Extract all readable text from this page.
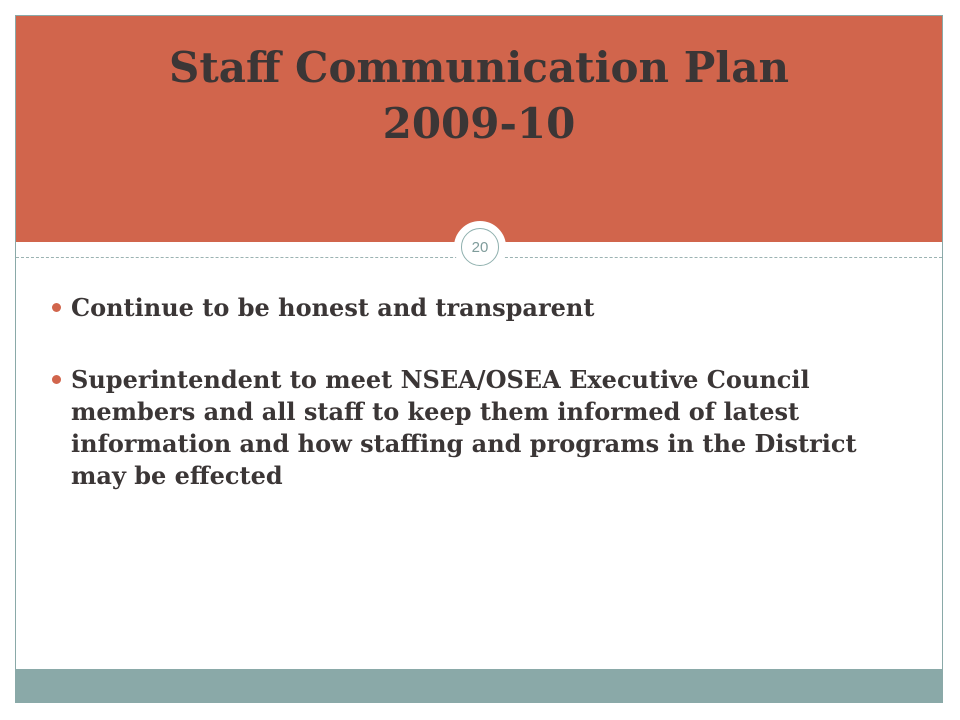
Staff Communication Plan
2009-10
20
Continue to be honest and transparent
Superintendent to meet NSEA/OSEA Executive Council members and all staff to keep them informed of latest information and how staffing and programs in the District may be effected
